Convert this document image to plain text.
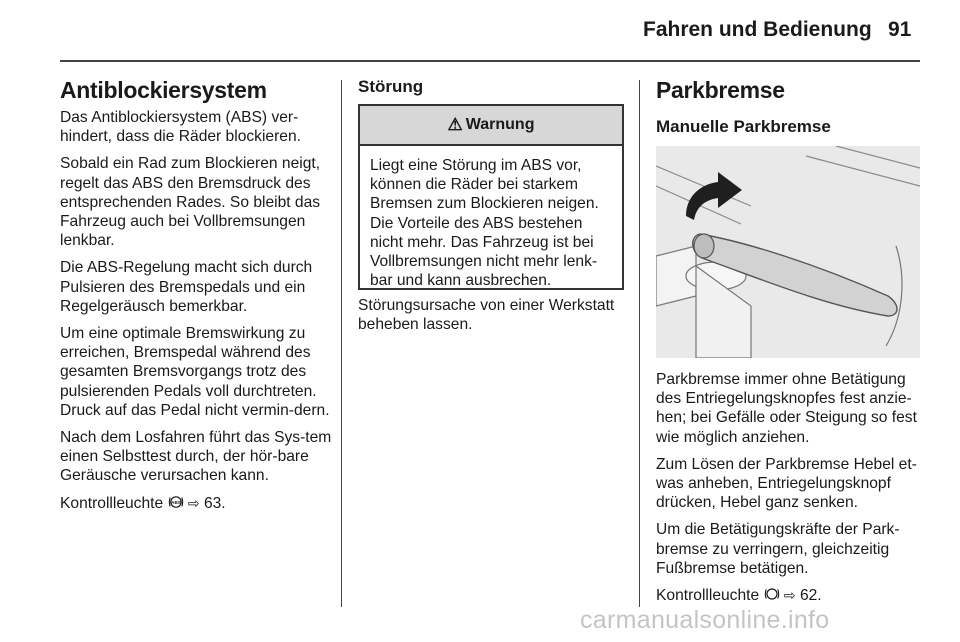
Fahren und Bedienung 91
Antiblockiersystem

Das Antiblockiersystem (ABS) ver-hindert, dass die Räder blockieren.

Sobald ein Rad zum Blockieren neigt, regelt das ABS den Bremsdruck des entsprechenden Rades. So bleibt das Fahrzeug auch bei Vollbremsungen lenkbar.

Die ABS-Regelung macht sich durch Pulsieren des Bremspedals und ein Regelgeräusch bemerkbar.

Um eine optimale Bremswirkung zu erreichen, Bremspedal während des gesamten Bremsvorgangs trotz des pulsierenden Pedals voll durchtreten. Druck auf das Pedal nicht vermin-dern.

Nach dem Losfahren führt das Sys-tem einen Selbsttest durch, der hör-bare Geräusche verursachen kann.

Kontrollleuchte ABS ⇨ 63.

Störung
⚠ Warnung
Liegt eine Störung im ABS vor, können die Räder bei starkem Bremsen zum Blockieren neigen. Die Vorteile des ABS bestehen nicht mehr. Das Fahrzeug ist bei Vollbremsungen nicht mehr lenk-bar und kann ausbrechen.
Störungsursache von einer Werkstatt beheben lassen.
Parkbremse
Manuelle Parkbremse

Parkbremse immer ohne Betätigung des Entriegelungsknopfes fest anzie-hen; bei Gefälle oder Steigung so fest wie möglich anziehen.

Zum Lösen der Parkbremse Hebel et-was anheben, Entriegelungsknopf drücken, Hebel ganz senken.

Um die Betätigungskräfte der Park-bremse zu verringern, gleichzeitig Fußbremse betätigen.

Kontrollleuchte ⇨ 62.

carmanualsonline.info
